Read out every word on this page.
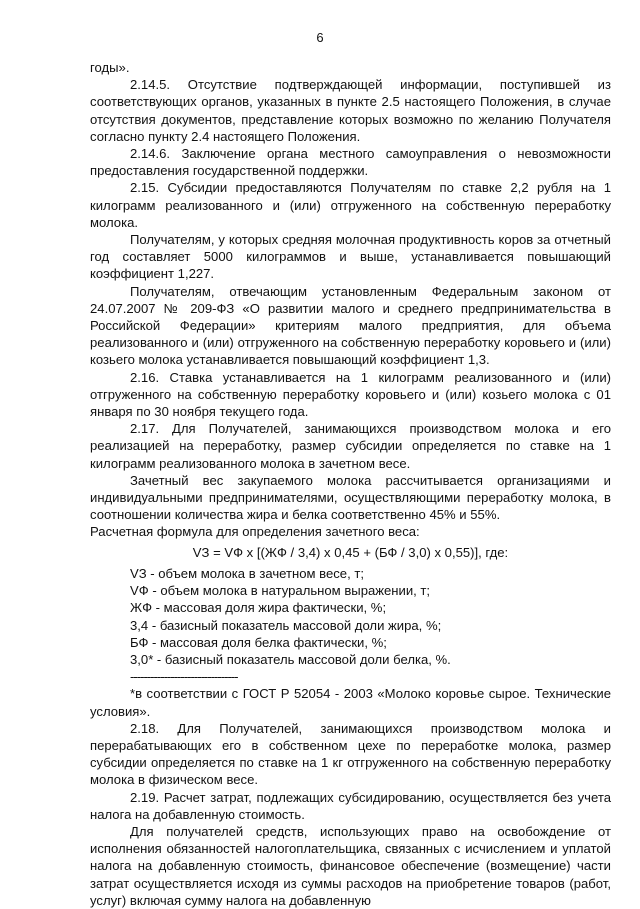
6

годы».

2.14.5. Отсутствие подтверждающей информации, поступившей из соответствующих органов, указанных в пункте 2.5 настоящего Положения, в случае отсутствия документов, представление которых возможно по желанию Получателя согласно пункту 2.4 настоящего Положения.

2.14.6. Заключение органа местного самоуправления о невозможности предоставления государственной поддержки.

2.15. Субсидии предоставляются Получателям по ставке 2,2 рубля на 1 килограмм реализованного и (или) отгруженного на собственную переработку молока.

Получателям, у которых средняя молочная продуктивность коров за отчетный год составляет 5000 килограммов и выше, устанавливается повышающий коэффициент 1,227.

Получателям, отвечающим установленным Федеральным законом от 24.07.2007 № 209-ФЗ «О развитии малого и среднего предпринимательства в Российской Федерации» критериям малого предприятия, для объема реализованного и (или) отгруженного на собственную переработку коровьего и (или) козьего молока устанавливается повышающий коэффициент 1,3.

2.16. Ставка устанавливается на 1 килограмм реализованного и (или) отгруженного на собственную переработку коровьего и (или) козьего молока с 01 января по 30 ноября текущего года.

2.17. Для Получателей, занимающихся производством молока и его реализацией на переработку, размер субсидии определяется по ставке на 1 килограмм реализованного молока в зачетном весе.

Зачетный вес закупаемого молока рассчитывается организациями и индивидуальными предпринимателями, осуществляющими переработку молока, в соотношении количества жира и белка соответственно 45% и 55%.

Расчетная формула для определения зачетного веса:

VЗ = VФ x [(ЖФ / 3,4) x 0,45 + (БФ / 3,0) x 0,55)], где:

VЗ - объем молока в зачетном весе, т;

VФ - объем молока в натуральном выражении, т;

ЖФ - массовая доля жира фактически, %;

3,4 - базисный показатель массовой доли жира, %;

БФ - массовая доля белка фактически, %;

3,0* - базисный показатель массовой доли белка, %.

--------------------------------

*в соответствии с ГОСТ Р 52054 - 2003 «Молоко коровье сырое. Технические условия».

2.18. Для Получателей, занимающихся производством молока и перерабатывающих его в собственном цехе по переработке молока, размер субсидии определяется по ставке на 1 кг отгруженного на собственную переработку молока в физическом весе.

2.19. Расчет затрат, подлежащих субсидированию, осуществляется без учета налога на добавленную стоимость.

Для получателей средств, использующих право на освобождение от исполнения обязанностей налогоплательщика, связанных с исчислением и уплатой налога на добавленную стоимость, финансовое обеспечение (возмещение) части затрат осуществляется исходя из суммы расходов на приобретение товаров (работ, услуг) включая сумму налога на добавленную
